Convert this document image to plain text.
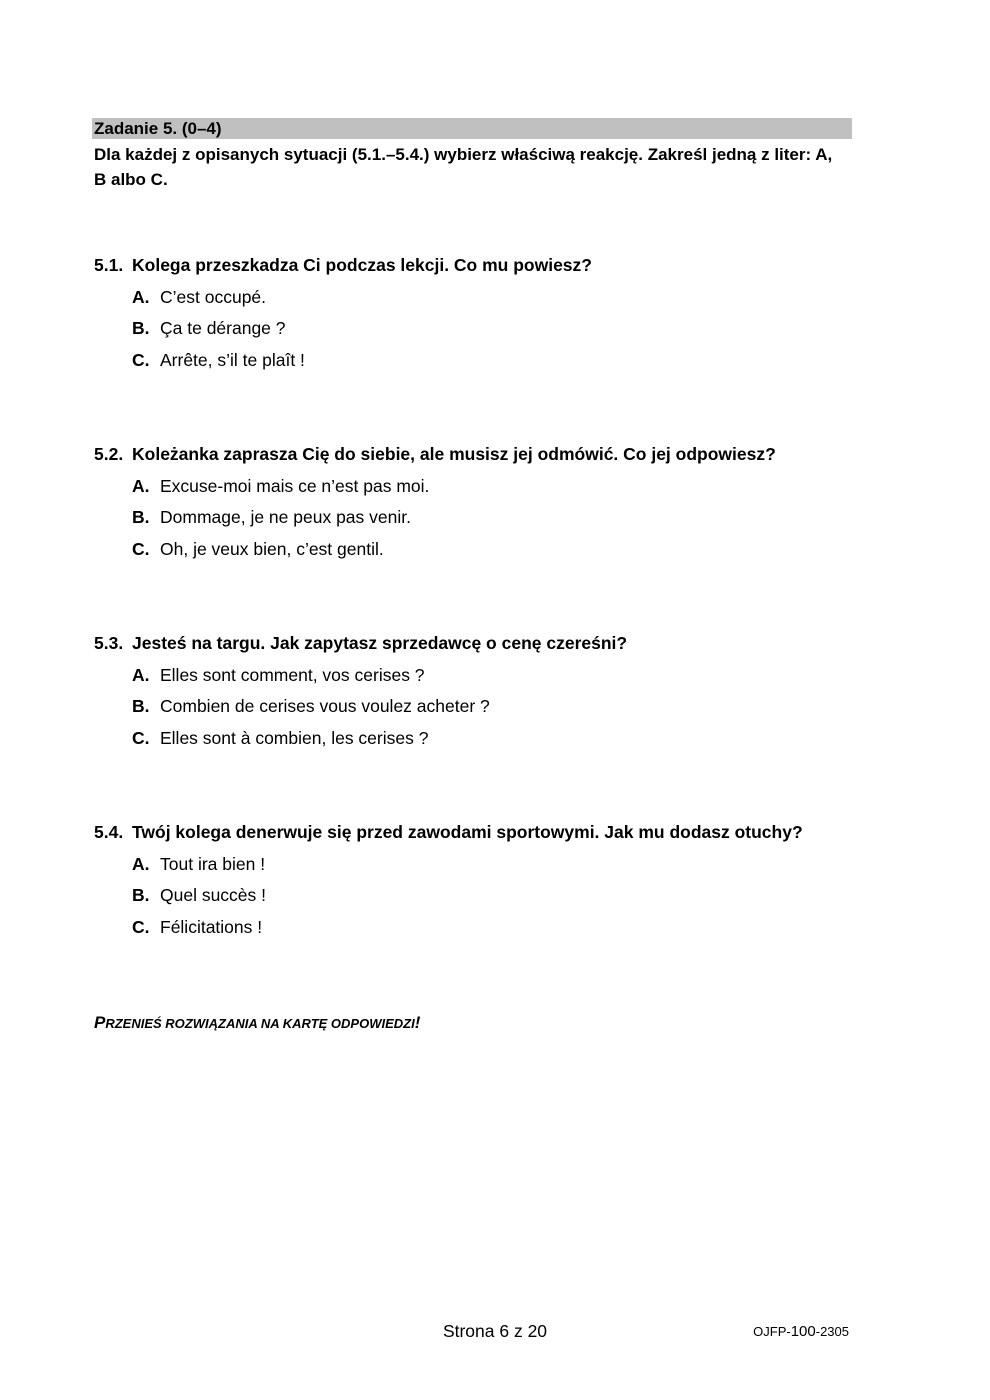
Zadanie 5. (0–4)
Dla każdej z opisanych sytuacji (5.1.–5.4.) wybierz właściwą reakcję. Zakreśl jedną z liter: A, B albo C.
5.1. Kolega przeszkadza Ci podczas lekcji. Co mu powiesz?
A. C’est occupé.
B. Ça te dérange ?
C. Arrête, s’il te plaît !
5.2. Koleżanka zaprasza Cię do siebie, ale musisz jej odmówić. Co jej odpowiesz?
A. Excuse-moi mais ce n’est pas moi.
B. Dommage, je ne peux pas venir.
C. Oh, je veux bien, c’est gentil.
5.3. Jesteś na targu. Jak zapytasz sprzedawcę o cenę czereśni?
A. Elles sont comment, vos cerises ?
B. Combien de cerises vous voulez acheter ?
C. Elles sont à combien, les cerises ?
5.4. Twój kolega denerwuje się przed zawodami sportowymi. Jak mu dodasz otuchy?
A. Tout ira bien !
B. Quel succès !
C. Félicitations !
PRZENIEŚ ROZWIĄZANIA NA KARTĘ ODPOWIEDZI!
Strona 6 z 20	OJFP-100-2305
